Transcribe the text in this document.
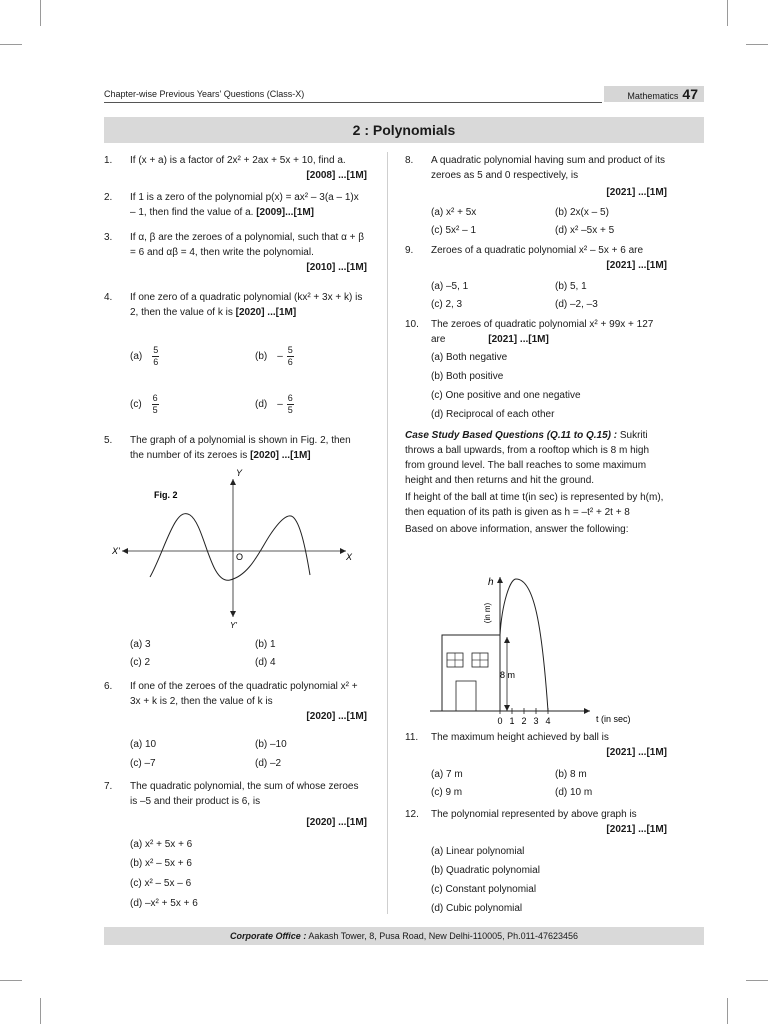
Chapter-wise Previous Years' Questions (Class-X)	Mathematics 47
2 : Polynomials
1. If (x + a) is a factor of 2x² + 2ax + 5x + 10, find a.
[2008] ...[1M]
2. If 1 is a zero of the polynomial p(x) = ax² – 3(a – 1)x – 1, then find the value of a. [2009]...[1M]
3. If α, β are the zeroes of a polynomial, such that α + β = 6 and αβ = 4, then write the polynomial.
[2010] ...[1M]
4. If one zero of a quadratic polynomial (kx² + 3x + k) is 2, then the value of k is [2020] ...[1M]
$(a) \frac{5}{6}$	$(b) - \frac{5}{6}$
$(c) \frac{6}{5}$	$(d) - \frac{6}{5}$
5. The graph of a polynomial is shown in Fig. 2, then the number of its zeroes is [2020] ...[1M]
Fig. 2
X
X'
Y
Y'
O
(a) 3	(b) 1
(c) 2	(d) 4
6. If one of the zeroes of the quadratic polynomial x² + 3x + k is 2, then the value of k is
[2020] ...[1M]
(a) 10	(b) –10
(c) –7	(d) –2
7. The quadratic polynomial, the sum of whose zeroes is –5 and their product is 6, is
[2020] ...[1M]
(a) x² + 5x + 6
(b) x² – 5x + 6
(c) x² – 5x – 6
(d) –x² + 5x + 6
8. A quadratic polynomial having sum and product of its zeroes as 5 and 0 respectively, is
[2021] ...[1M]
(a) x² + 5x	(b) 2x(x – 5)
(c) 5x² – 1	(d) x² –5x + 5
9. Zeroes of a quadratic polynomial x² – 5x + 6 are
[2021] ...[1M]
(a) –5, 1	(b) 5, 1
(c) 2, 3	(d) –2, –3
10. The zeroes of quadratic polynomial x² + 99x + 127 are	[2021] ...[1M]
(a) Both negative
(b) Both positive
(c) One positive and one negative
(d) Reciprocal of each other

Case Study Based Questions (Q.11 to Q.15) : Sukriti throws a ball upwards, from a rooftop which is 8 m high from ground level. The ball reaches to some maximum height and then returns and hit the ground.

If height of the ball at time t(in sec) is represented by h(m), then equation of its path is given as h = –t² + 2t + 8

Based on above information, answer the following:

8 m
h
(in m)
0 1 2 3 4	t (in sec)
11. The maximum height achieved by ball is
[2021] ...[1M]
(a) 7 m	(b) 8 m
(c) 9 m	(d) 10 m
12. The polynomial represented by above graph is
[2021] ...[1M]
(a) Linear polynomial
(b) Quadratic polynomial
(c) Constant polynomial
(d) Cubic polynomial
Corporate Office : Aakash Tower, 8, Pusa Road, New Delhi-110005, Ph.011-47623456
